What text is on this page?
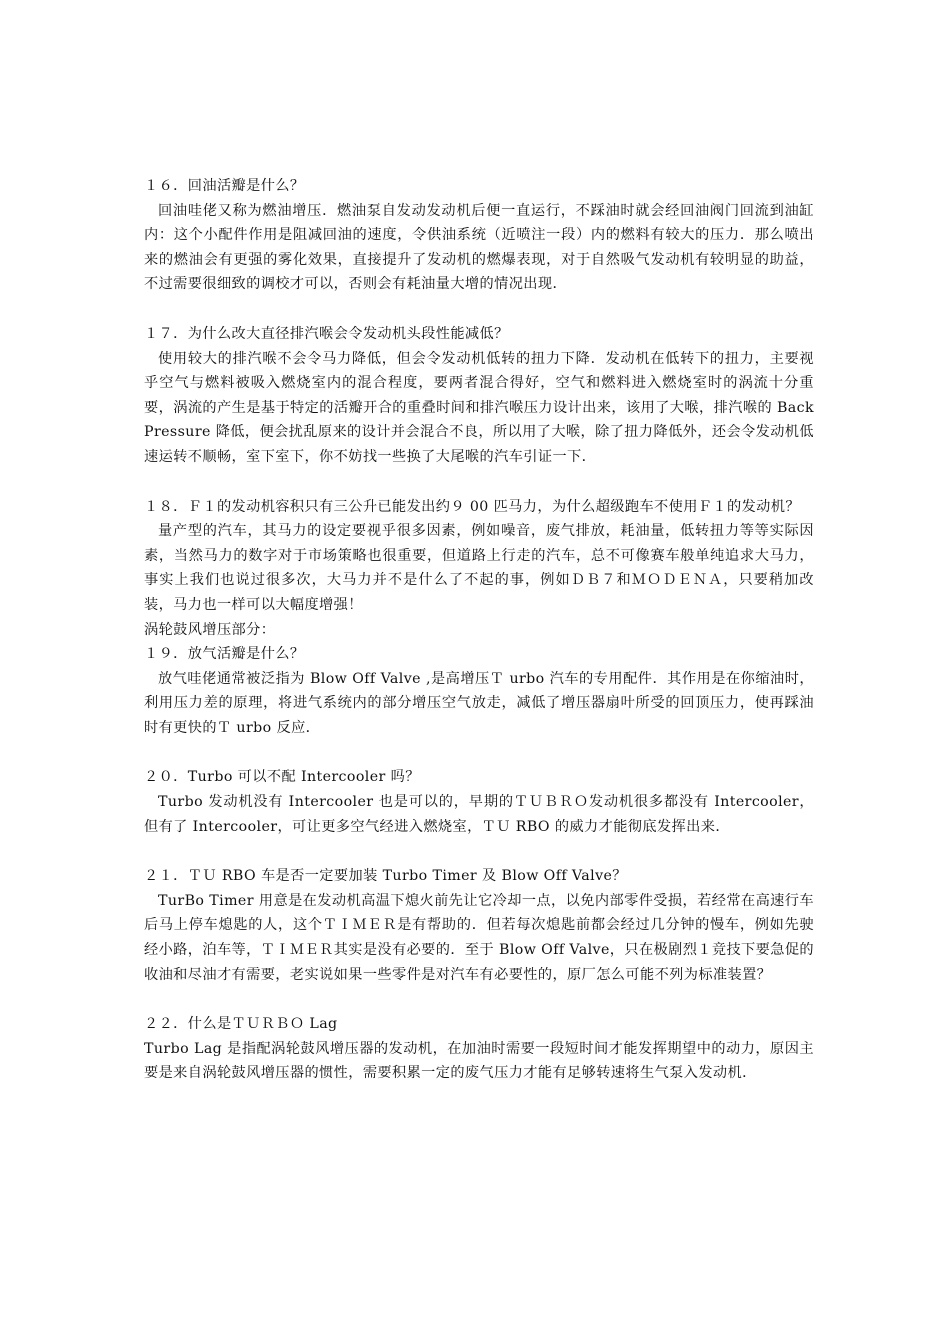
１６．回油活瓣是什么？

回油哇佬又称为燃油增压．燃油泵自发动发动机后便一直运行，不踩油时就会经回油阀门回流到油缸内：这个小配件作用是阻减回油的速度，令供油系统（近喷注一段）内的燃料有较大的压力．那么喷出来的燃油会有更强的雾化效果，直接提升了发动机的燃爆表现，对于自然吸气发动机有较明显的助益，不过需要很细致的调校才可以，否则会有耗油量大增的情况出现．

１７．为什么改大直径排汽喉会令发动机头段性能减低？

使用较大的排汽喉不会令马力降低，但会令发动机低转的扭力下降．发动机在低转下的扭力，主要视乎空气与燃料被吸入燃烧室内的混合程度，要两者混合得好，空气和燃料进入燃烧室时的涡流十分重要，涡流的产生是基于特定的活瓣开合的重叠时间和排汽喉压力设计出来，该用了大喉，排汽喉的 Back Pressure 降低，便会扰乱原来的设计并会混合不良，所以用了大喉，除了扭力降低外，还会令发动机低速运转不顺畅，室下室下，你不妨找一些换了大尾喉的汽车引证一下．

１８．Ｆ１的发动机容积只有三公升已能发出约９ 00 匹马力，为什么超级跑车不使用Ｆ１的发动机？

量产型的汽车，其马力的设定要视乎很多因素，例如噪音，废气排放，耗油量，低转扭力等等实际因素，当然马力的数字对于市场策略也很重要，但道路上行走的汽车，总不可像赛车般单纯追求大马力，事实上我们也说过很多次，大马力并不是什么了不起的事，例如ＤＢ７和ＭＯＤＥＮＡ，只要稍加改装，马力也一样可以大幅度增强！

涡轮鼓风增压部分：

１９．放气活瓣是什么？

放气哇佬通常被泛指为 Blow Off Valve ,是高增压Ｔ urbo 汽车的专用配件．其作用是在你缩油时，利用压力差的原理，将进气系统内的部分增压空气放走，减低了增压器扇叶所受的回顶压力，使再踩油时有更快的Ｔ urbo 反应．

２０．Turbo 可以不配 Intercooler 吗？

Turbo 发动机没有 Intercooler 也是可以的，早期的ＴＵＢＲＯ发动机很多都没有 Intercooler，但有了 Intercooler，可让更多空气经进入燃烧室，ＴＵ RBO 的威力才能彻底发挥出来．

２１．ＴＵ RBO 车是否一定要加装 Turbo Timer 及 Blow Off Valve？

TurBo Timer 用意是在发动机高温下熄火前先让它冷却一点，以免内部零件受损，若经常在高速行车后马上停车熄匙的人，这个ＴＩＭＥＲ是有帮助的．但若每次熄匙前都会经过几分钟的慢车，例如先驶经小路，泊车等，ＴＩＭＥＲ其实是没有必要的．至于 Blow Off Valve，只在极剧烈１竞技下要急促的收油和尽油才有需要，老实说如果一些零件是对汽车有必要性的，原厂怎么可能不列为标准装置？

２２．什么是ＴＵＲＢＯ Lag

Turbo Lag 是指配涡轮鼓风增压器的发动机，在加油时需要一段短时间才能发挥期望中的动力，原因主要是来自涡轮鼓风增压器的惯性，需要积累一定的废气压力才能有足够转速将生气泵入发动机．
